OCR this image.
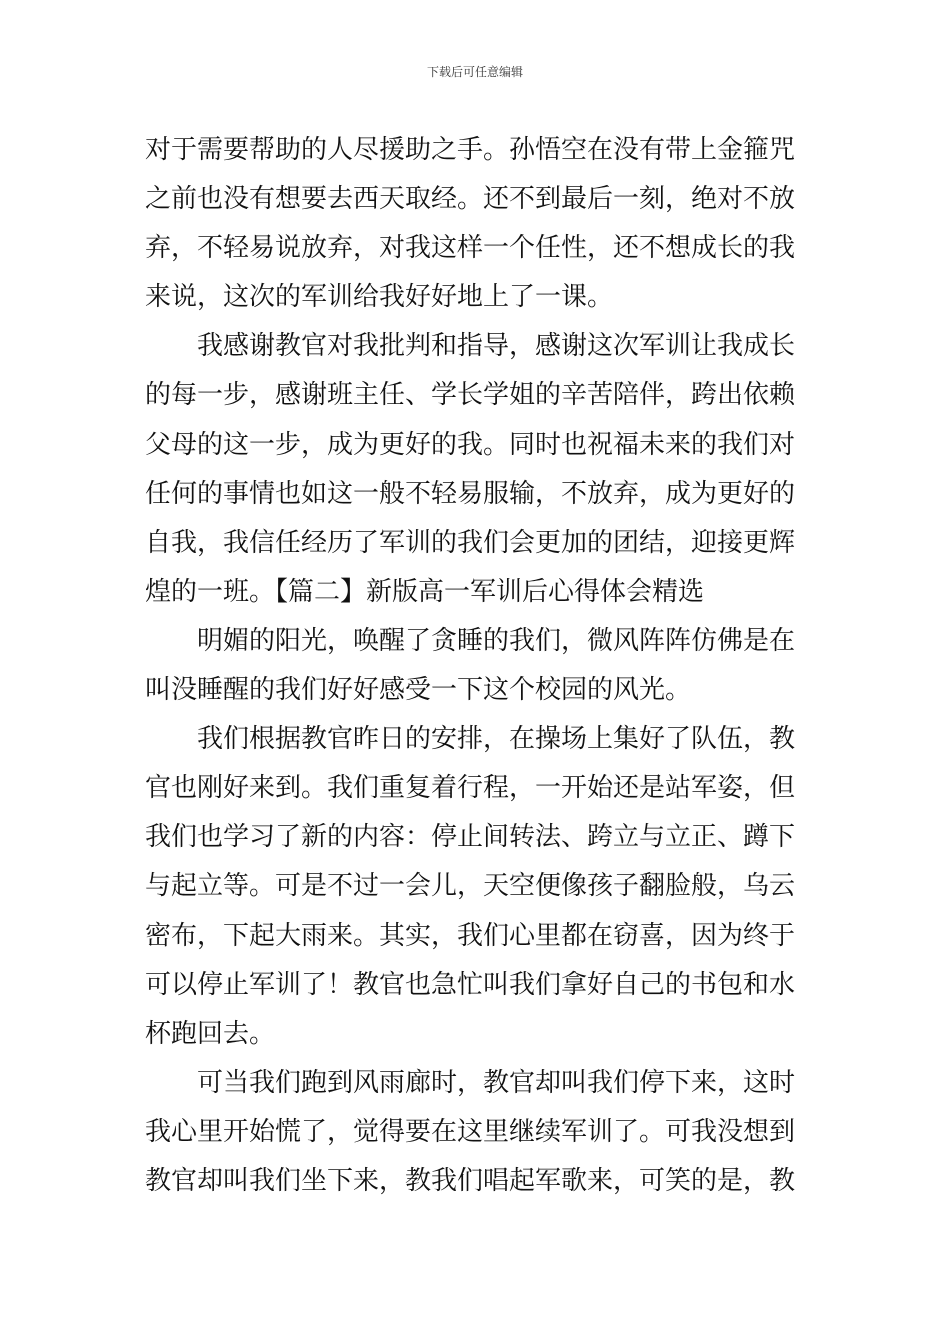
下载后可任意编辑
对于需要帮助的人尽援助之手。孙悟空在没有带上金箍咒
之前也没有想要去西天取经。还不到最后一刻，绝对不放
弃，不轻易说放弃，对我这样一个任性，还不想成长的我
来说，这次的军训给我好好地上了一课。
　　我感谢教官对我批判和指导，感谢这次军训让我成长
的每一步，感谢班主任、学长学姐的辛苦陪伴，跨出依赖
父母的这一步，成为更好的我。同时也祝福未来的我们对
任何的事情也如这一般不轻易服输，不放弃，成为更好的
自我，我信任经历了军训的我们会更加的团结，迎接更辉
煌的一班。【篇二】新版高一军训后心得体会精选
　　明媚的阳光，唤醒了贪睡的我们，微风阵阵仿佛是在
叫没睡醒的我们好好感受一下这个校园的风光。
　　我们根据教官昨日的安排，在操场上集好了队伍，教
官也刚好来到。我们重复着行程，一开始还是站军姿，但
我们也学习了新的内容：停止间转法、跨立与立正、蹲下
与起立等。可是不过一会儿，天空便像孩子翻脸般，乌云
密布，下起大雨来。其实，我们心里都在窃喜，因为终于
可以停止军训了！教官也急忙叫我们拿好自己的书包和水
杯跑回去。
　　可当我们跑到风雨廊时，教官却叫我们停下来，这时
我心里开始慌了，觉得要在这里继续军训了。可我没想到
教官却叫我们坐下来，教我们唱起军歌来，可笑的是，教
